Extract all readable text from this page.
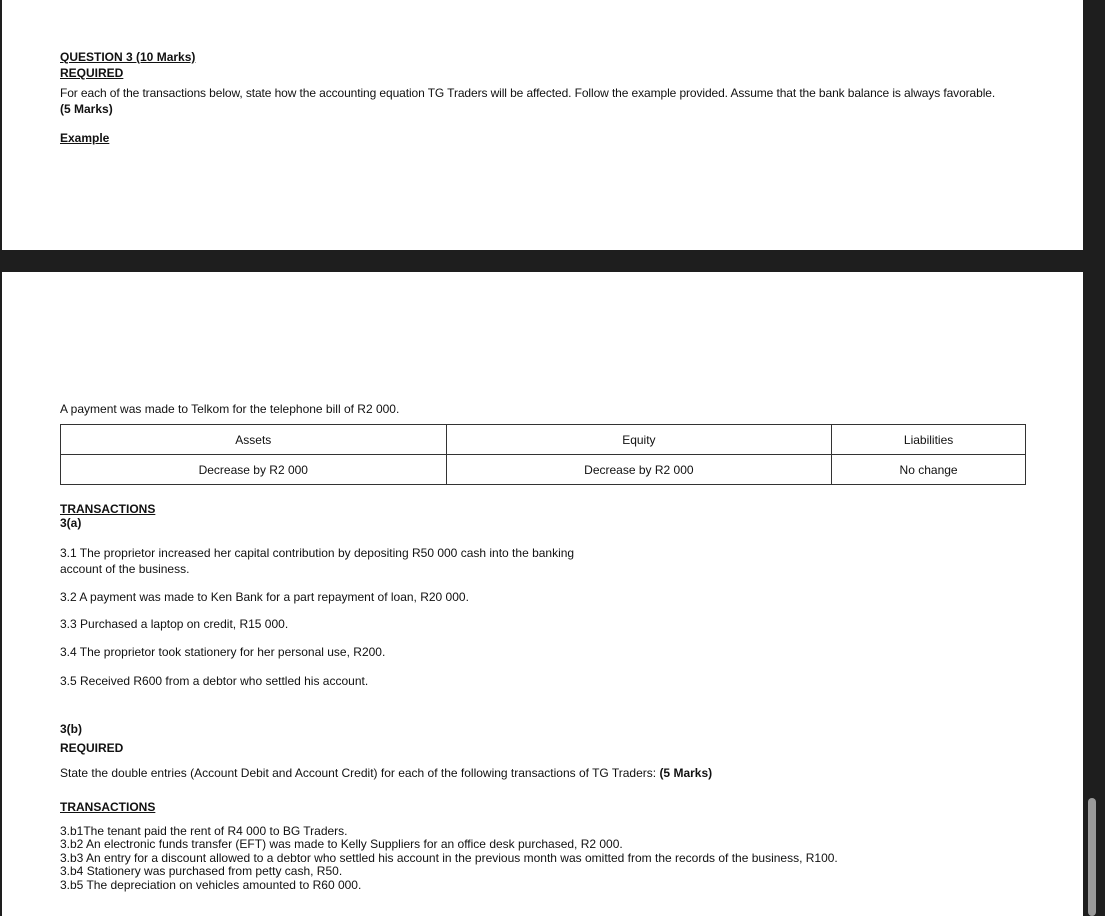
QUESTION 3 (10 Marks)
REQUIRED
For each of the transactions below, state how the accounting equation TG Traders will be affected. Follow the example provided. Assume that the bank balance is always favorable.
(5 Marks)
Example
A payment was made to Telkom for the telephone bill of R2 000.
Assets	Equity	Liabilities
Decrease by R2 000	Decrease by R2 000	No change
TRANSACTIONS
3(a)
3.1 The proprietor increased her capital contribution by depositing R50 000 cash into the banking
account of the business.
3.2 A payment was made to Ken Bank for a part repayment of loan, R20 000.
3.3 Purchased a laptop on credit, R15 000.
3.4 The proprietor took stationery for her personal use, R200.
3.5 Received R600 from a debtor who settled his account.
3(b)
REQUIRED
State the double entries (Account Debit and Account Credit) for each of the following transactions of TG Traders: (5 Marks)
TRANSACTIONS
3.b1The tenant paid the rent of R4 000 to BG Traders.
3.b2 An electronic funds transfer (EFT) was made to Kelly Suppliers for an office desk purchased, R2 000.
3.b3 An entry for a discount allowed to a debtor who settled his account in the previous month was omitted from the records of the business, R100.
3.b4 Stationery was purchased from petty cash, R50.
3.b5 The depreciation on vehicles amounted to R60 000.
